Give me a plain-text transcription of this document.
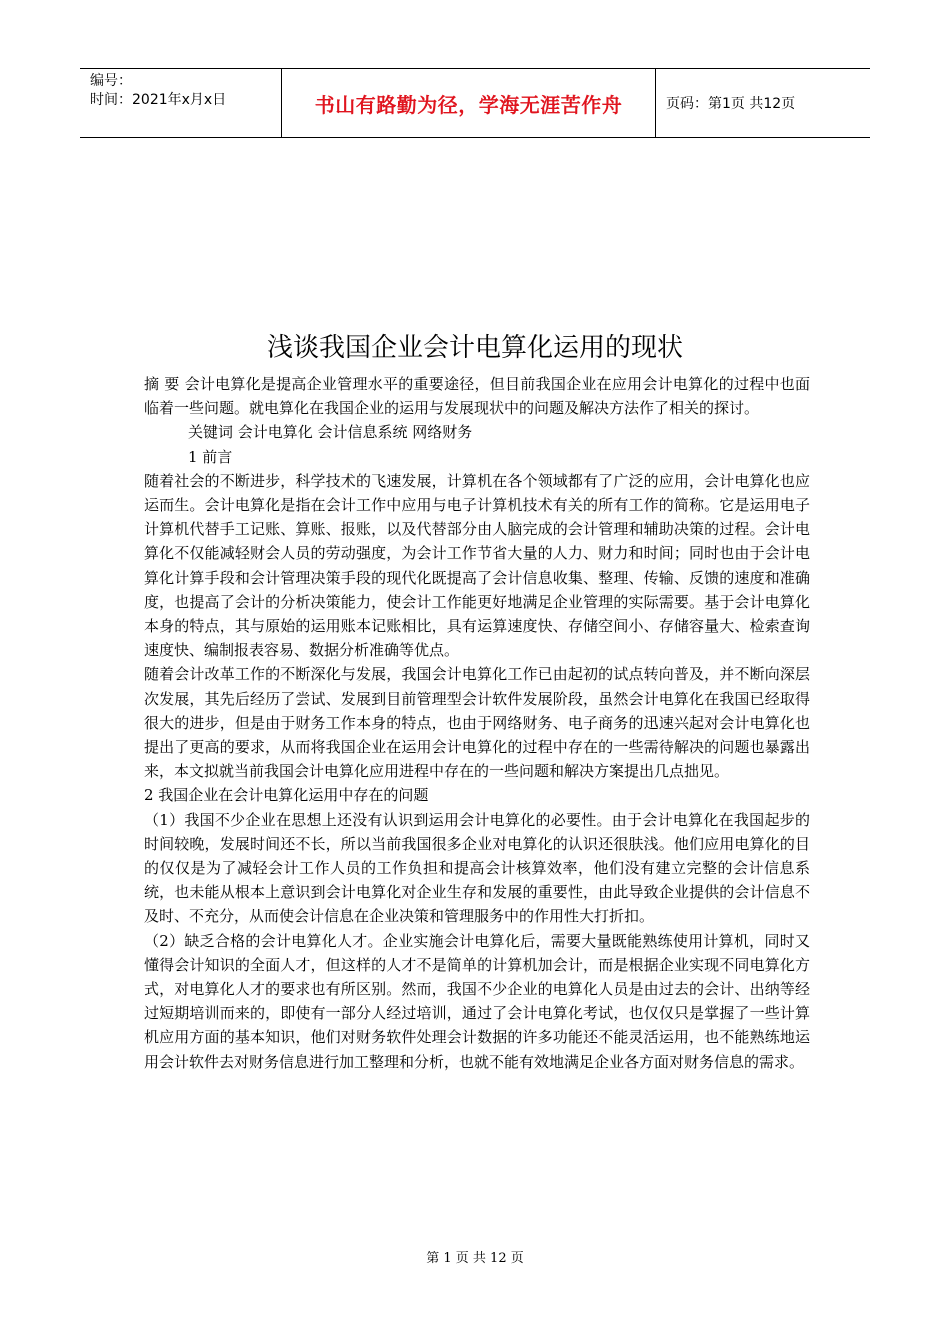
编号：
时间：2021年x月x日	书山有路勤为径，学海无涯苦作舟	页码：第1页 共12页
浅谈我国企业会计电算化运用的现状

摘 要 会计电算化是提高企业管理水平的重要途径，但目前我国企业在应用会计电算化的过程中也面临着一些问题。就电算化在我国企业的运用与发展现状中的问题及解决方法作了相关的探讨。

关键词 会计电算化 会计信息系统 网络财务

1 前言

随着社会的不断进步，科学技术的飞速发展，计算机在各个领域都有了广泛的应用，会计电算化也应运而生。会计电算化是指在会计工作中应用与电子计算机技术有关的所有工作的简称。它是运用电子计算机代替手工记账、算账、报账，以及代替部分由人脑完成的会计管理和辅助决策的过程。会计电算化不仅能减轻财会人员的劳动强度，为会计工作节省大量的人力、财力和时间；同时也由于会计电算化计算手段和会计管理决策手段的现代化既提高了会计信息收集、整理、传输、反馈的速度和准确度，也提高了会计的分析决策能力，使会计工作能更好地满足企业管理的实际需要。基于会计电算化本身的特点，其与原始的运用账本记账相比，具有运算速度快、存储空间小、存储容量大、检索查询速度快、编制报表容易、数据分析准确等优点。

随着会计改革工作的不断深化与发展，我国会计电算化工作已由起初的试点转向普及，并不断向深层次发展，其先后经历了尝试、发展到目前管理型会计软件发展阶段，虽然会计电算化在我国已经取得很大的进步，但是由于财务工作本身的特点，也由于网络财务、电子商务的迅速兴起对会计电算化也提出了更高的要求，从而将我国企业在运用会计电算化的过程中存在的一些需待解决的问题也暴露出来，本文拟就当前我国会计电算化应用进程中存在的一些问题和解决方案提出几点拙见。

2 我国企业在会计电算化运用中存在的问题

（1）我国不少企业在思想上还没有认识到运用会计电算化的必要性。由于会计电算化在我国起步的时间较晚，发展时间还不长，所以当前我国很多企业对电算化的认识还很肤浅。他们应用电算化的目的仅仅是为了减轻会计工作人员的工作负担和提高会计核算效率，他们没有建立完整的会计信息系统，也未能从根本上意识到会计电算化对企业生存和发展的重要性，由此导致企业提供的会计信息不及时、不充分，从而使会计信息在企业决策和管理服务中的作用性大打折扣。

（2）缺乏合格的会计电算化人才。企业实施会计电算化后，需要大量既能熟练使用计算机，同时又懂得会计知识的全面人才，但这样的人才不是简单的计算机加会计，而是根据企业实现不同电算化方式，对电算化人才的要求也有所区别。然而，我国不少企业的电算化人员是由过去的会计、出纳等经过短期培训而来的，即使有一部分人经过培训，通过了会计电算化考试，也仅仅只是掌握了一些计算机应用方面的基本知识，他们对财务软件处理会计数据的许多功能还不能灵活运用，也不能熟练地运用会计软件去对财务信息进行加工整理和分析，也就不能有效地满足企业各方面对财务信息的需求。

第 1 页 共 12 页
